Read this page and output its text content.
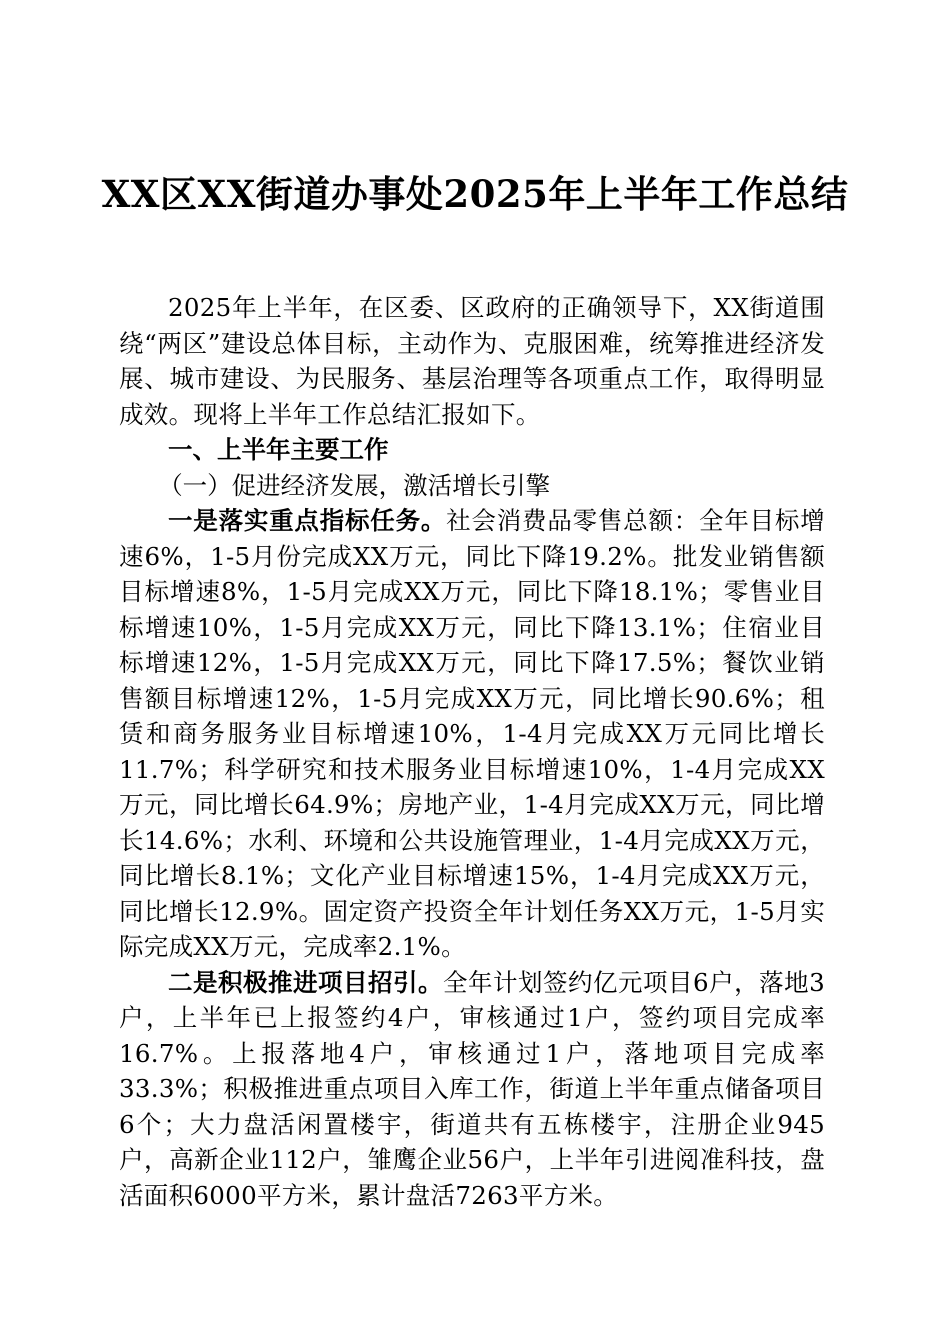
XX区XX街道办事处2025年上半年工作总结

2025年上半年，在区委、区政府的正确领导下，XX街道围绕“两区”建设总体目标，主动作为、克服困难，统筹推进经济发展、城市建设、为民服务、基层治理等各项重点工作，取得明显成效。现将上半年工作总结汇报如下。

一、上半年主要工作
（一）促进经济发展，激活增长引擎

一是落实重点指标任务。社会消费品零售总额：全年目标增速6%，1-5月份完成XX万元，同比下降19.2%。批发业销售额目标增速8%，1-5月完成XX万元，同比下降18.1%；零售业目标增速10%，1-5月完成XX万元，同比下降13.1%；住宿业目标增速12%，1-5月完成XX万元，同比下降17.5%；餐饮业销售额目标增速12%，1-5月完成XX万元，同比增长90.6%；租赁和商务服务业目标增速10%，1-4月完成XX万元同比增长11.7%；科学研究和技术服务业目标增速10%，1-4月完成XX万元，同比增长64.9%；房地产业，1-4月完成XX万元，同比增长14.6%；水利、环境和公共设施管理业，1-4月完成XX万元，同比增长8.1%；文化产业目标增速15%，1-4月完成XX万元，同比增长12.9%。固定资产投资全年计划任务XX万元，1-5月实际完成XX万元，完成率2.1%。

二是积极推进项目招引。全年计划签约亿元项目6户，落地3户，上半年已上报签约4户，审核通过1户，签约项目完成率16.7%。上报落地4户，审核通过1户，落地项目完成率33.3%；积极推进重点项目入库工作，街道上半年重点储备项目6个；大力盘活闲置楼宇，街道共有五栋楼宇，注册企业945户，高新企业112户，雏鹰企业56户，上半年引进阅准科技，盘活面积6000平方米，累计盘活7263平方米。
